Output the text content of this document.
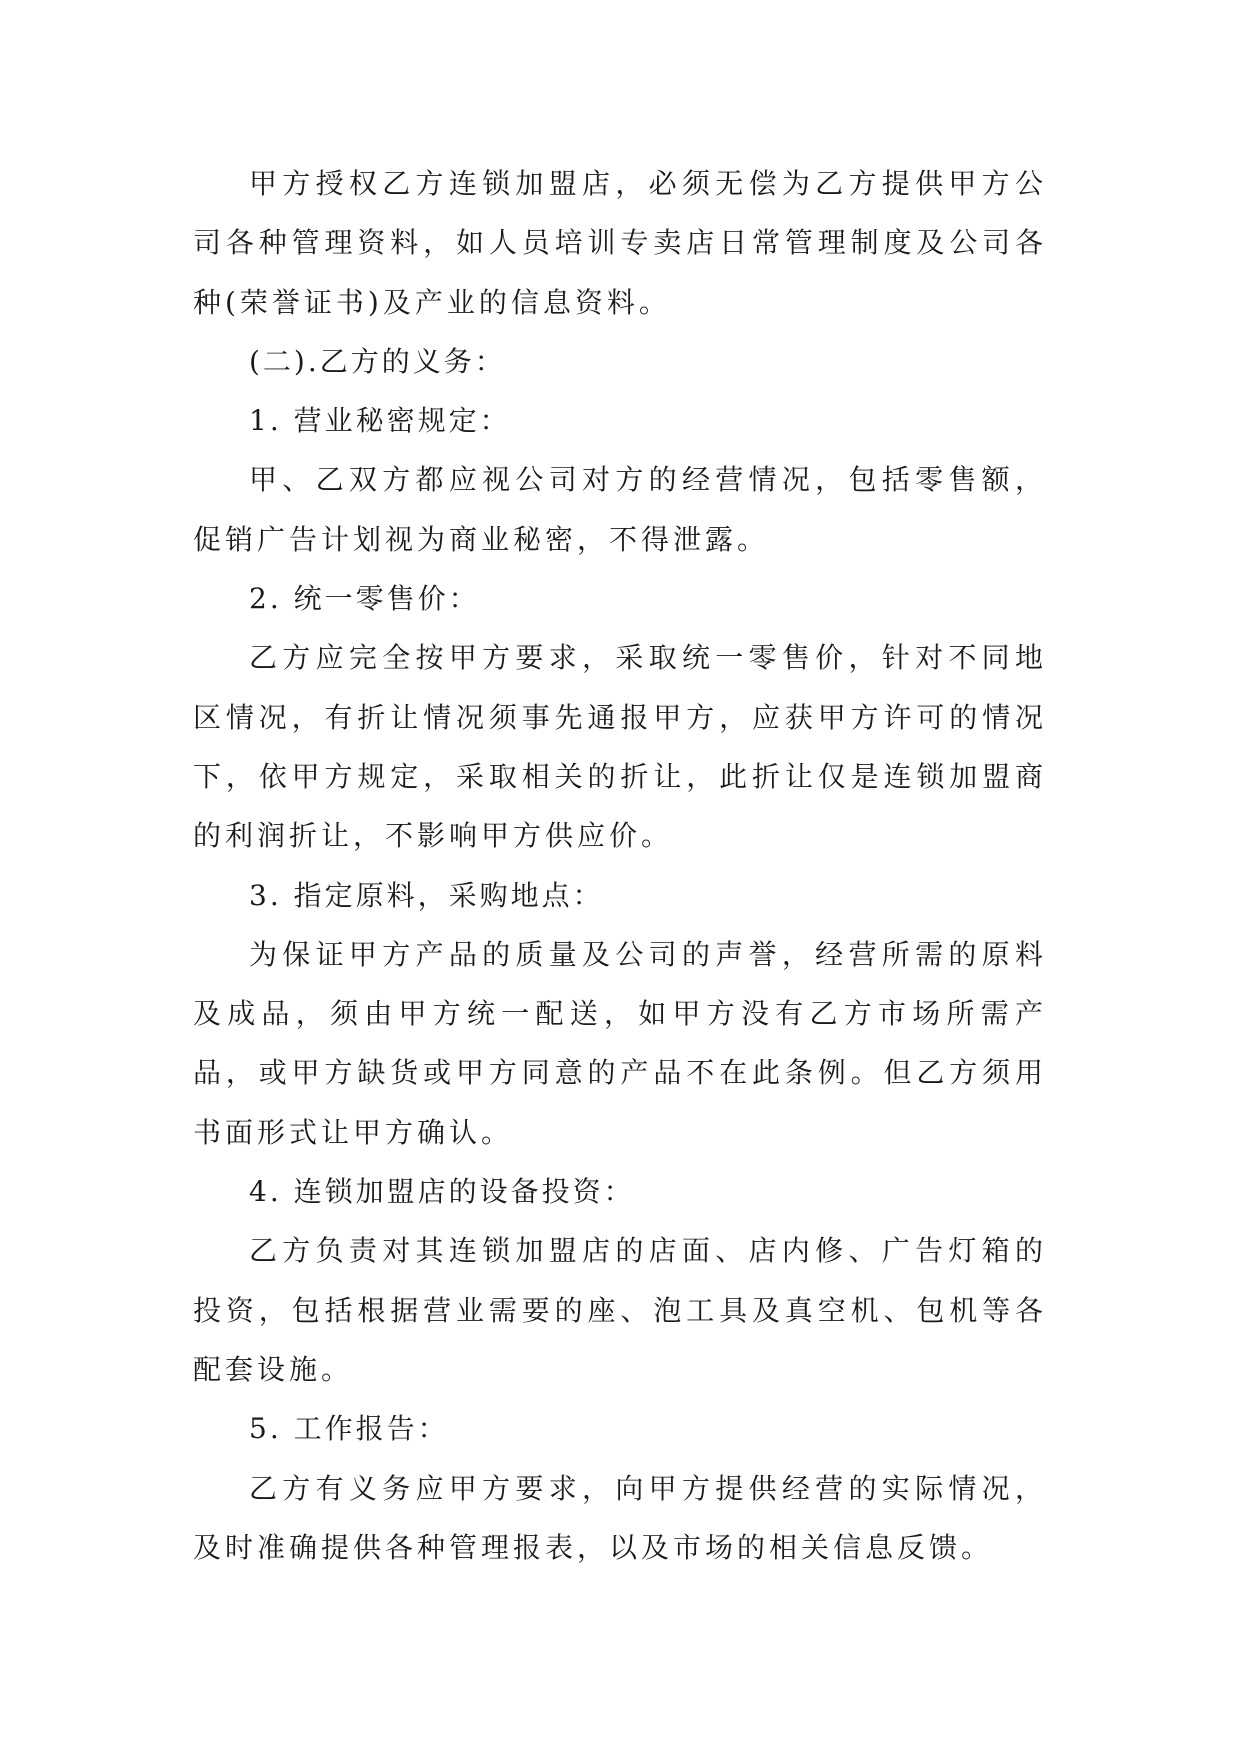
甲方授权乙方连锁加盟店，必须无偿为乙方提供甲方公司各种管理资料，如人员培训专卖店日常管理制度及公司各种(荣誉证书)及产业的信息资料。

(二).乙方的义务：

1. 营业秘密规定：

甲、乙双方都应视公司对方的经营情况，包括零售额，促销广告计划视为商业秘密，不得泄露。

2. 统一零售价：

乙方应完全按甲方要求，采取统一零售价，针对不同地区情况，有折让情况须事先通报甲方，应获甲方许可的情况下，依甲方规定，采取相关的折让，此折让仅是连锁加盟商的利润折让，不影响甲方供应价。

3. 指定原料，采购地点：

为保证甲方产品的质量及公司的声誉，经营所需的原料及成品，须由甲方统一配送，如甲方没有乙方市场所需产品，或甲方缺货或甲方同意的产品不在此条例。但乙方须用书面形式让甲方确认。

4. 连锁加盟店的设备投资：

乙方负责对其连锁加盟店的店面、店内修、广告灯箱的投资，包括根据营业需要的座、泡工具及真空机、包机等各配套设施。

5. 工作报告：

乙方有义务应甲方要求，向甲方提供经营的实际情况，及时准确提供各种管理报表，以及市场的相关信息反馈。
